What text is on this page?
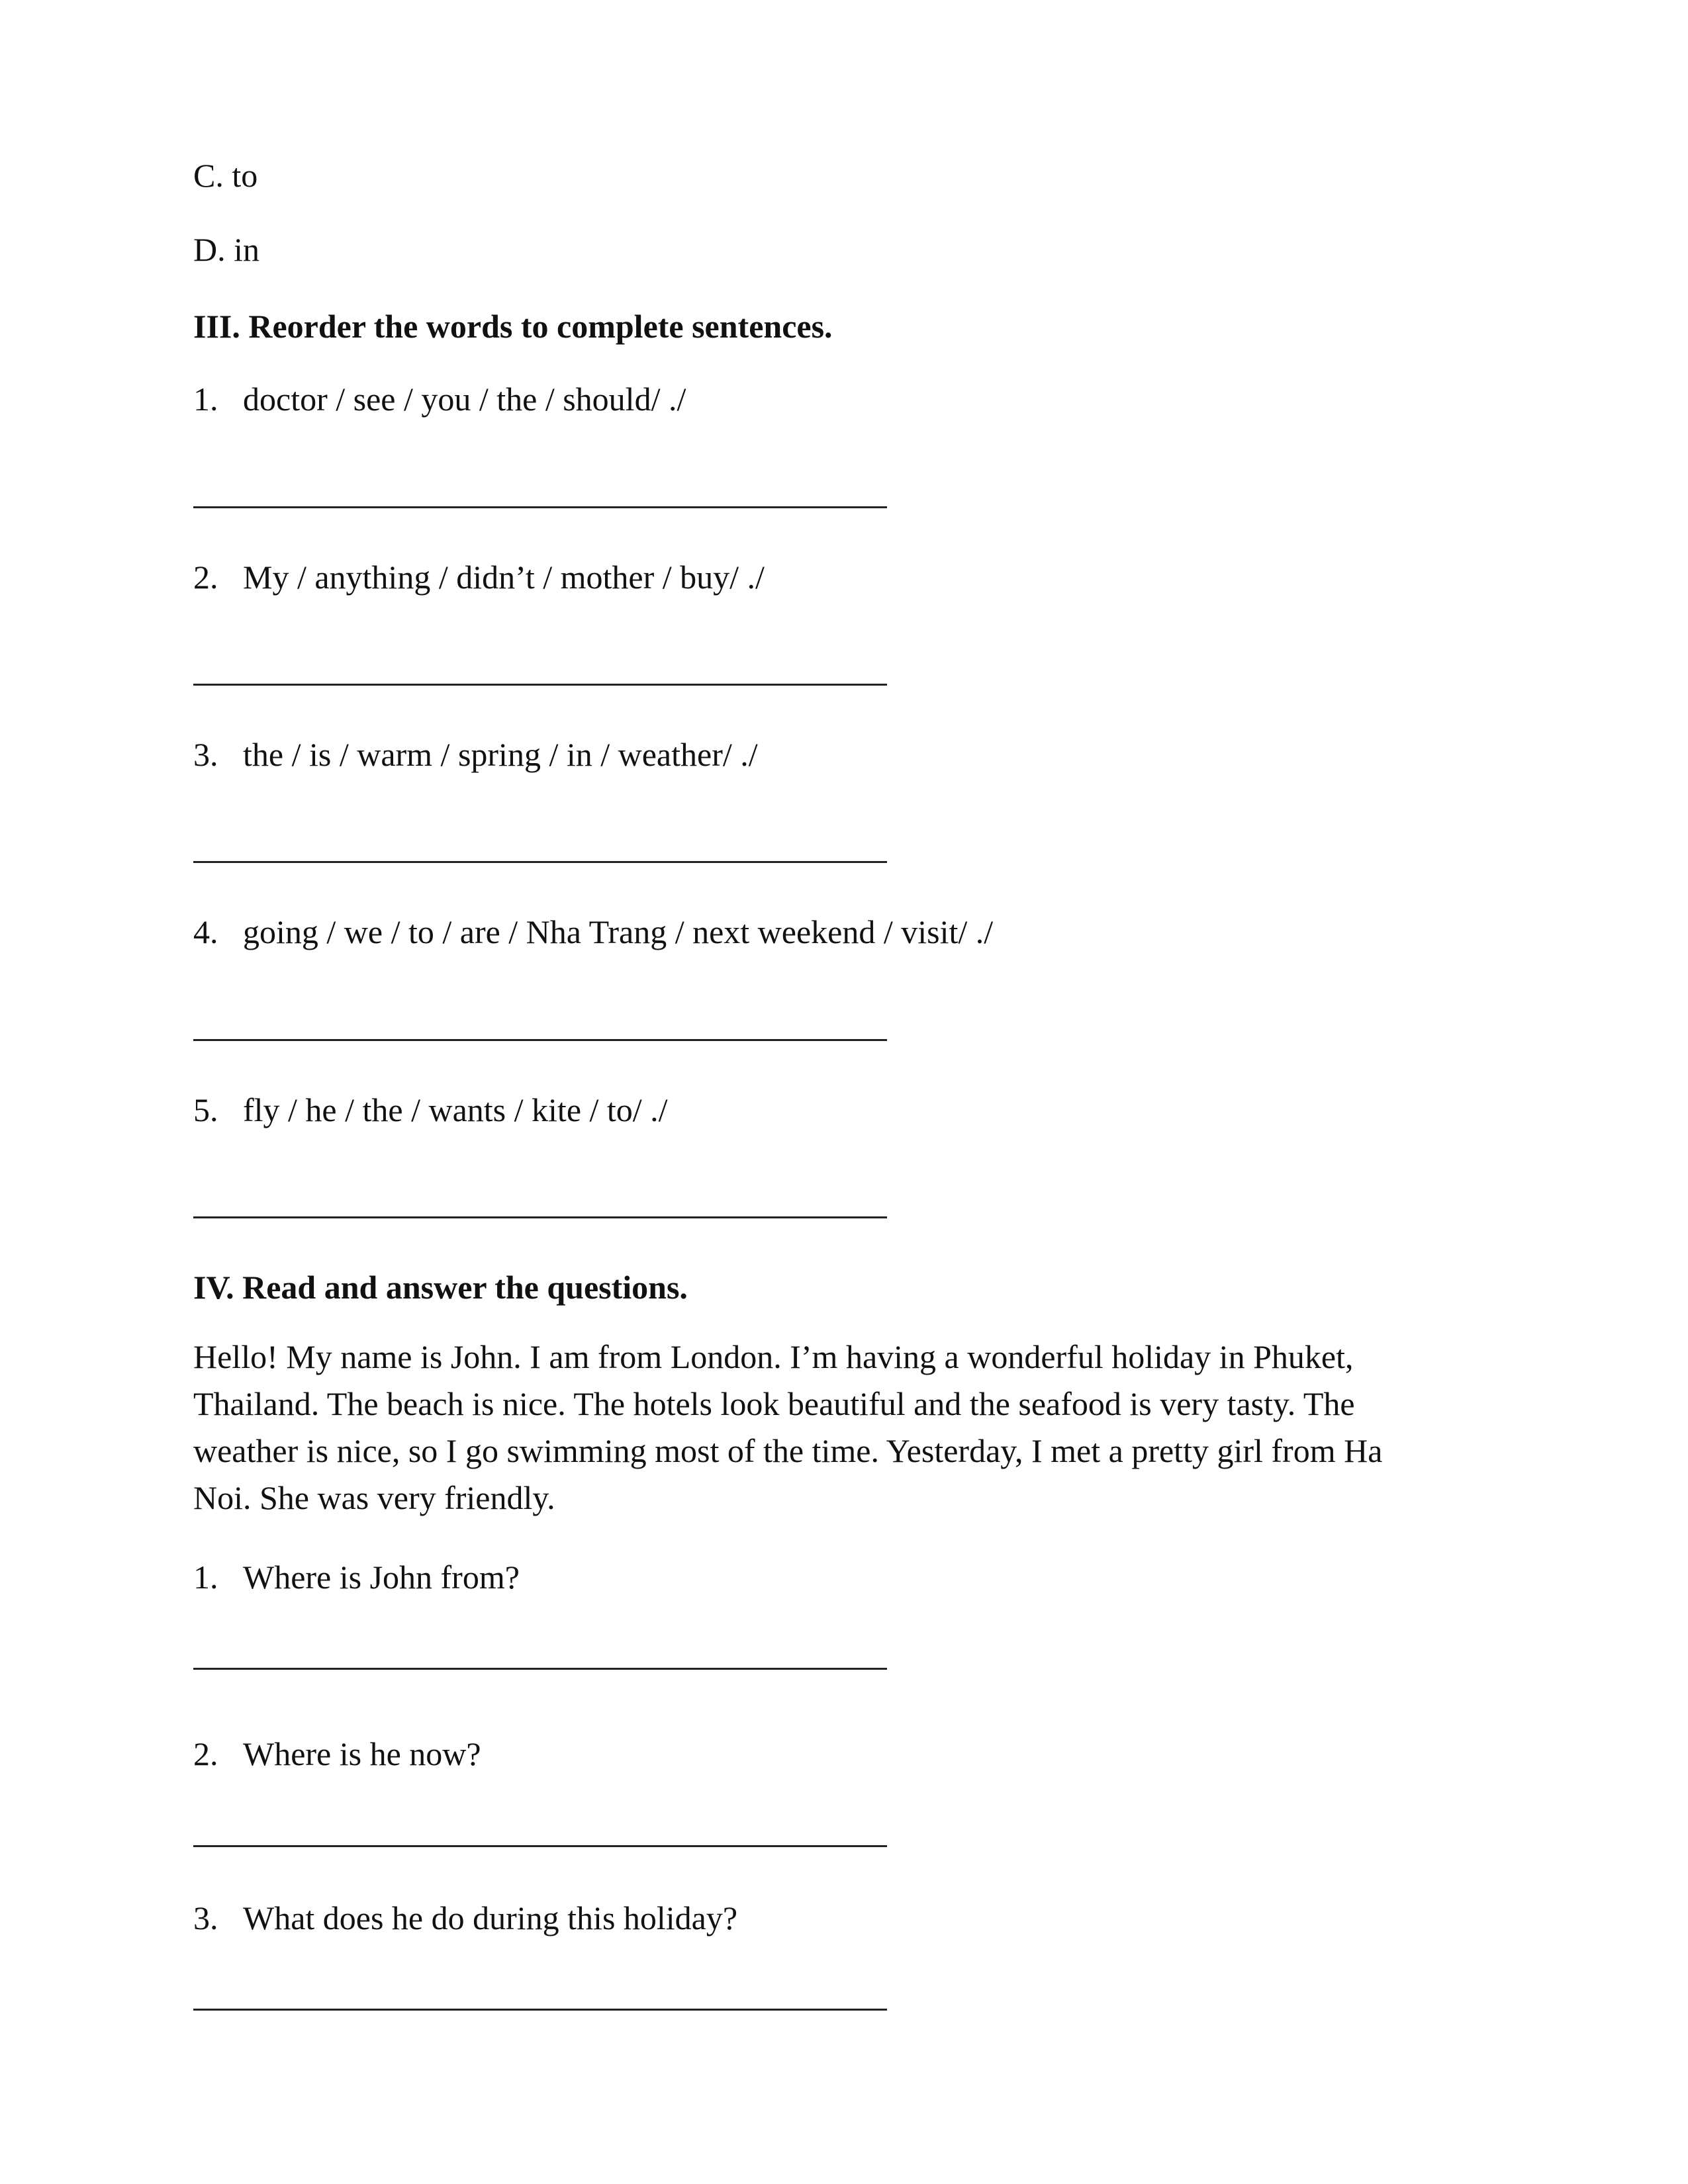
C. to
D. in
III. Reorder the words to complete sentences.
1. doctor / see / you / the / should/ ./
2. My / anything / didn’t / mother / buy/ ./
3. the / is / warm / spring / in / weather/ ./
4. going / we / to / are / Nha Trang / next weekend / visit/ ./
5. fly / he / the / wants / kite / to/ ./
IV. Read and answer the questions.
Hello! My name is John. I am from London. I’m having a wonderful holiday in Phuket,
Thailand. The beach is nice. The hotels look beautiful and the seafood is very tasty. The
weather is nice, so I go swimming most of the time. Yesterday, I met a pretty girl from Ha
Noi. She was very friendly.
1. Where is John from?
2. Where is he now?
3. What does he do during this holiday?
